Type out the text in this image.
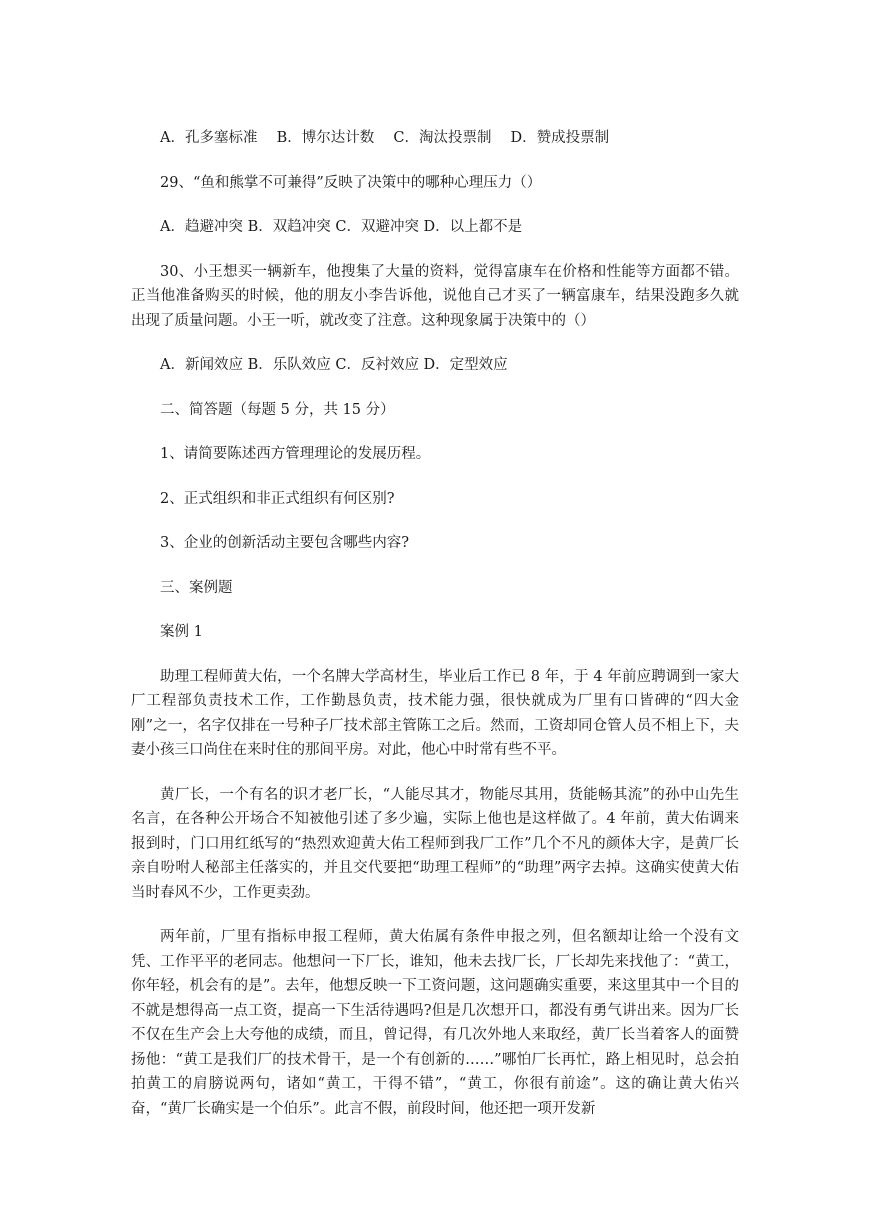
A．孔多塞标准　 B．博尔达计数　 C．淘汰投票制　 D．赞成投票制

29、“鱼和熊掌不可兼得”反映了决策中的哪种心理压力（）

A．趋避冲突 B．双趋冲突 C．双避冲突 D．以上都不是

30、小王想买一辆新车，他搜集了大量的资料，觉得富康车在价格和性能等方面都不错。正当他准备购买的时候，他的朋友小李告诉他，说他自己才买了一辆富康车，结果没跑多久就出现了质量问题。小王一听，就改变了注意。这种现象属于决策中的（）

A．新闻效应 B．乐队效应 C．反衬效应 D．定型效应

二、简答题（每题 5 分，共 15 分）

1、请简要陈述西方管理理论的发展历程。

2、正式组织和非正式组织有何区别?

3、企业的创新活动主要包含哪些内容?

三、案例题

案例 1

助理工程师黄大佑，一个名牌大学高材生，毕业后工作已 8 年，于 4 年前应聘调到一家大厂工程部负责技术工作，工作勤恳负责，技术能力强，很快就成为厂里有口皆碑的“四大金刚”之一，名字仅排在一号种子厂技术部主管陈工之后。然而，工资却同仓管人员不相上下，夫妻小孩三口尚住在来时住的那间平房。对此，他心中时常有些不平。

黄厂长，一个有名的识才老厂长，“人能尽其才，物能尽其用，货能畅其流”的孙中山先生名言，在各种公开场合不知被他引述了多少遍，实际上他也是这样做了。4 年前，黄大佑调来报到时，门口用红纸写的“热烈欢迎黄大佑工程师到我厂工作”几个不凡的颜体大字，是黄厂长亲自吩咐人秘部主任落实的，并且交代要把“助理工程师”的“助理”两字去掉。这确实使黄大佑当时春风不少，工作更卖劲。

两年前，厂里有指标申报工程师，黄大佑属有条件申报之列，但名额却让给一个没有文凭、工作平平的老同志。他想问一下厂长，谁知，他未去找厂长，厂长却先来找他了：“黄工，你年轻，机会有的是”。去年，他想反映一下工资问题，这问题确实重要，来这里其中一个目的不就是想得高一点工资，提高一下生活待遇吗?但是几次想开口，都没有勇气讲出来。因为厂长不仅在生产会上大夸他的成绩，而且，曾记得，有几次外地人来取经，黄厂长当着客人的面赞扬他：“黄工是我们厂的技术骨干，是一个有创新的……”哪怕厂长再忙，路上相见时，总会拍拍黄工的肩膀说两句，诸如“黄工，干得不错”，“黄工，你很有前途”。这的确让黄大佑兴奋，“黄厂长确实是一个伯乐”。此言不假，前段时间，他还把一项开发新
